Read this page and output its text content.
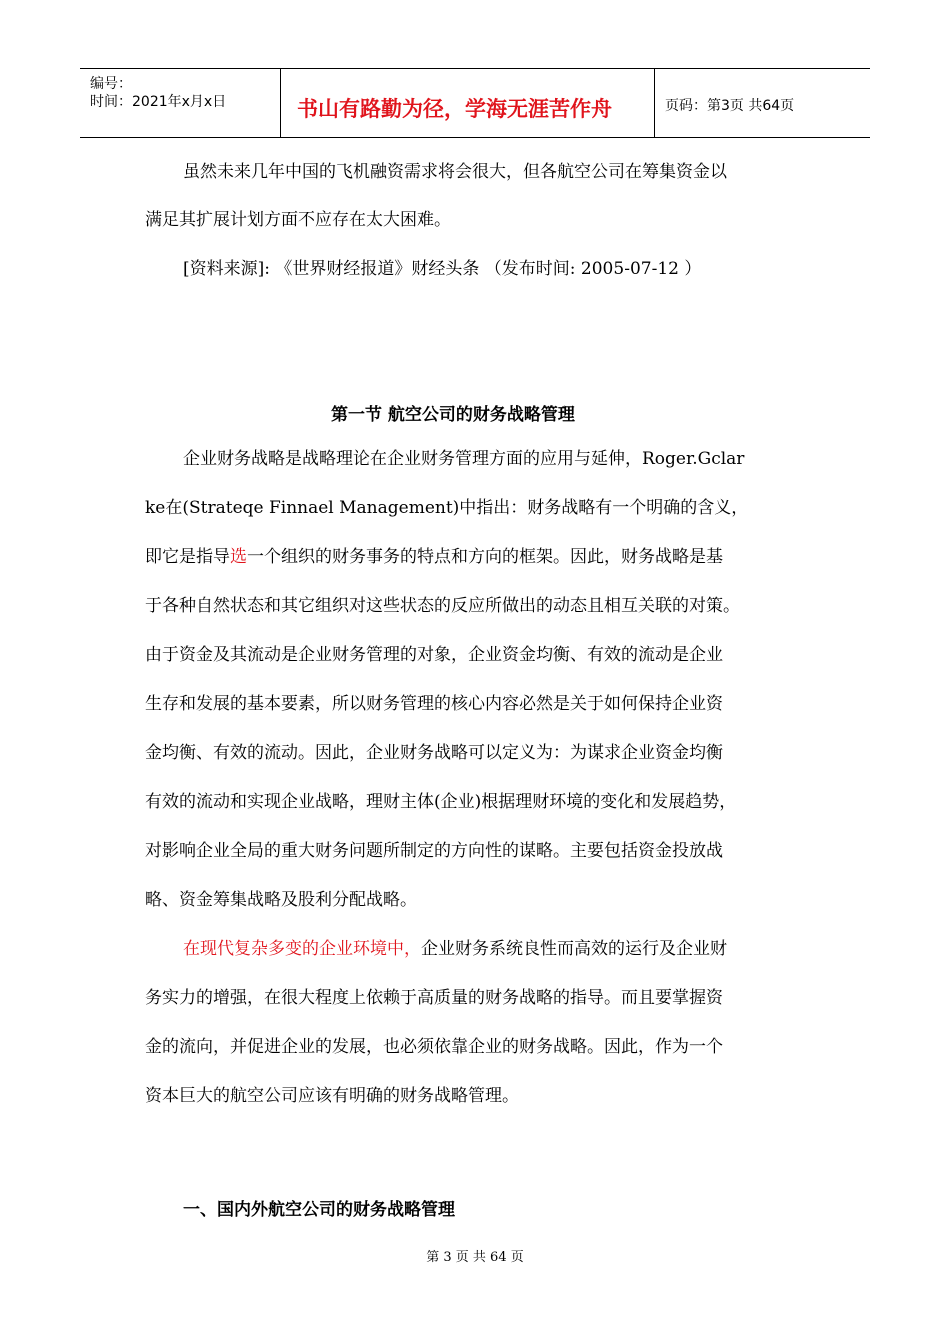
编号：
时间：2021年x月x日	书山有路勤为径，学海无涯苦作舟	页码：第3页 共64页
虽然未来几年中国的飞机融资需求将会很大，但各航空公司在筹集资金以
满足其扩展计划方面不应存在太大困难。
[资料来源]: 《世界财经报道》财经头条 （发布时间: 2005-07-12 ）
第一节 航空公司的财务战略管理
企业财务战略是战略理论在企业财务管理方面的应用与延伸，Roger.Gclar
ke在(Strateqe Finnael Management)中指出：财务战略有一个明确的含义，
即它是指导选一个组织的财务事务的特点和方向的框架。因此，财务战略是基
于各种自然状态和其它组织对这些状态的反应所做出的动态且相互关联的对策。
由于资金及其流动是企业财务管理的对象，企业资金均衡、有效的流动是企业
生存和发展的基本要素，所以财务管理的核心内容必然是关于如何保持企业资
金均衡、有效的流动。因此，企业财务战略可以定义为：为谋求企业资金均衡
有效的流动和实现企业战略，理财主体(企业)根据理财环境的变化和发展趋势，
对影响企业全局的重大财务问题所制定的方向性的谋略。主要包括资金投放战
略、资金筹集战略及股利分配战略。
在现代复杂多变的企业环境中，企业财务系统良性而高效的运行及企业财
务实力的增强，在很大程度上依赖于高质量的财务战略的指导。而且要掌握资
金的流向，并促进企业的发展，也必须依靠企业的财务战略。因此，作为一个
资本巨大的航空公司应该有明确的财务战略管理。
一、国内外航空公司的财务战略管理
第 3 页 共 64 页
